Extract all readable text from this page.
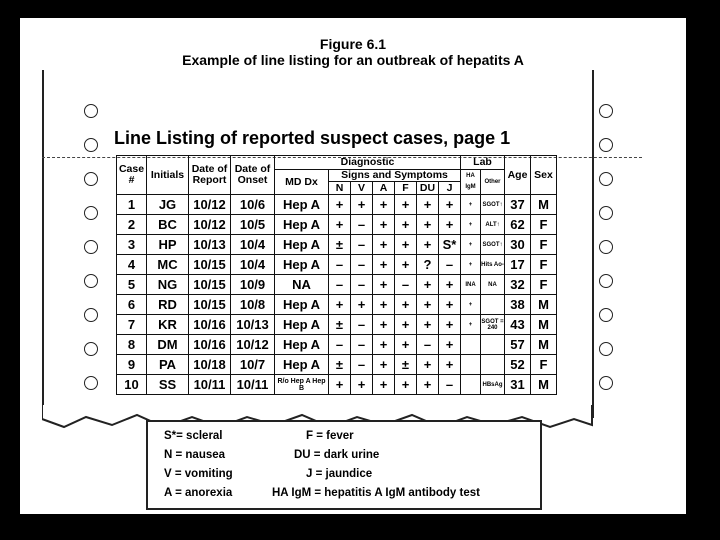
Figure 6.1
Example of line listing for an outbreak of hepatits A
Line Listing of reported suspect cases, page 1
Case #	Initials	Date of Report	Date of Onset	Diagnostic							Lab		Age	Sex
				MD Dx	Signs and Symptoms						HA IgM	Other		
					N	V	A	F	DU	J				
1	JG	10/12	10/6	Hep A	+	+	+	+	+	+	+	SGOT↑	37	M
2	BC	10/12	10/5	Hep A	+	–	+	+	+	+	+	ALT↑	62	F
3	HP	10/13	10/4	Hep A	±	–	+	+	+	S*	+	SGOT↑	30	F
4	MC	10/15	10/4	Hep A	–	–	+	+	?	–	+	Hits Ao-	17	F
5	NG	10/15	10/9	NA	–	–	+	–	+	+	INA	NA	32	F
6	RD	10/15	10/8	Hep A	+	+	+	+	+	+	+		38	M
7	KR	10/16	10/13	Hep A	±	–	+	+	+	+	+	SGOT = 240	43	M
8	DM	10/16	10/12	Hep A	–	–	+	+	–	+			57	M
9	PA	10/18	10/7	Hep A	±	–	+	±	+	+			52	F
10	SS	10/11	10/11	R/o Hep A Hep B	+	+	+	+	+	–		HBsAg	31	M
S*= scleral
N = nausea
V = vomiting
A = anorexia
F = fever
DU = dark urine
J = jaundice
HA IgM = hepatitis A IgM antibody test
